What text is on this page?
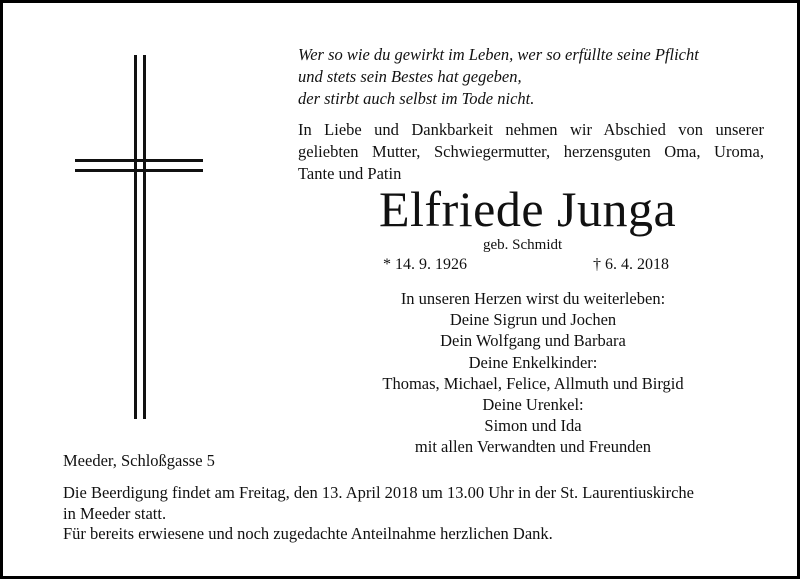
Wer so wie du gewirkt im Leben, wer so erfüllte seine Pflicht
und stets sein Bestes hat gegeben,
der stirbt auch selbst im Tode nicht.
In Liebe und Dankbarkeit nehmen wir Abschied von unserer
geliebten Mutter, Schwiegermutter, herzensguten Oma, Uroma,
Tante und Patin
Elfriede Junga
geb. Schmidt
* 14. 9. 1926	† 6. 4. 2018
In unseren Herzen wirst du weiterleben:
Deine Sigrun und Jochen
Dein Wolfgang und Barbara
Deine Enkelkinder:
Thomas, Michael, Felice, Allmuth und Birgid
Deine Urenkel:
Simon und Ida
mit allen Verwandten und Freunden
Meeder, Schloßgasse 5
Die Beerdigung findet am Freitag, den 13. April 2018 um 13.00 Uhr in der St. Laurentiuskirche
in Meeder statt.
Für bereits erwiesene und noch zugedachte Anteilnahme herzlichen Dank.
